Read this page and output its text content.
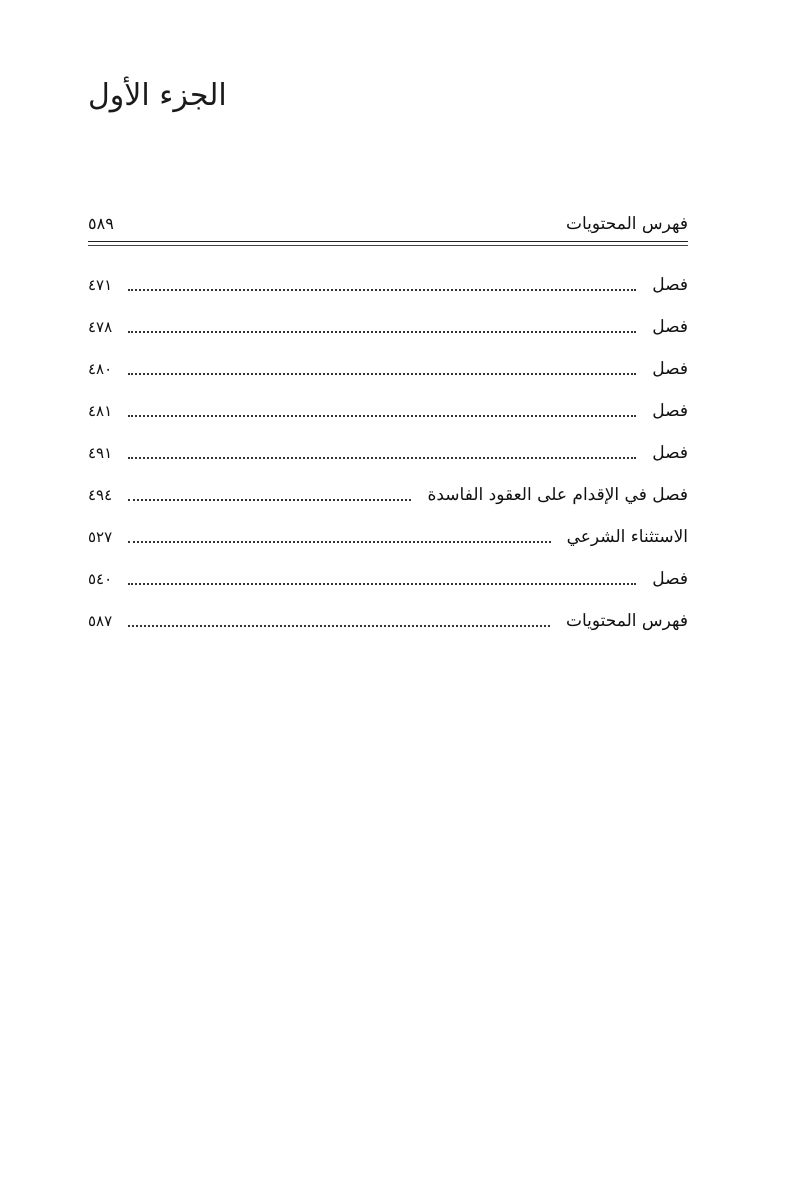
الجزء الأول
فهرس المحتويات
٥٨٩
فصل
٤٧١
فصل
٤٧٨
فصل
٤٨٠
فصل
٤٨١
فصل
٤٩١
فصل في الإقدام على العقود الفاسدة
٤٩٤
الاستثناء الشرعي
٥٢٧
فصل
٥٤٠
فهرس المحتويات
٥٨٧
